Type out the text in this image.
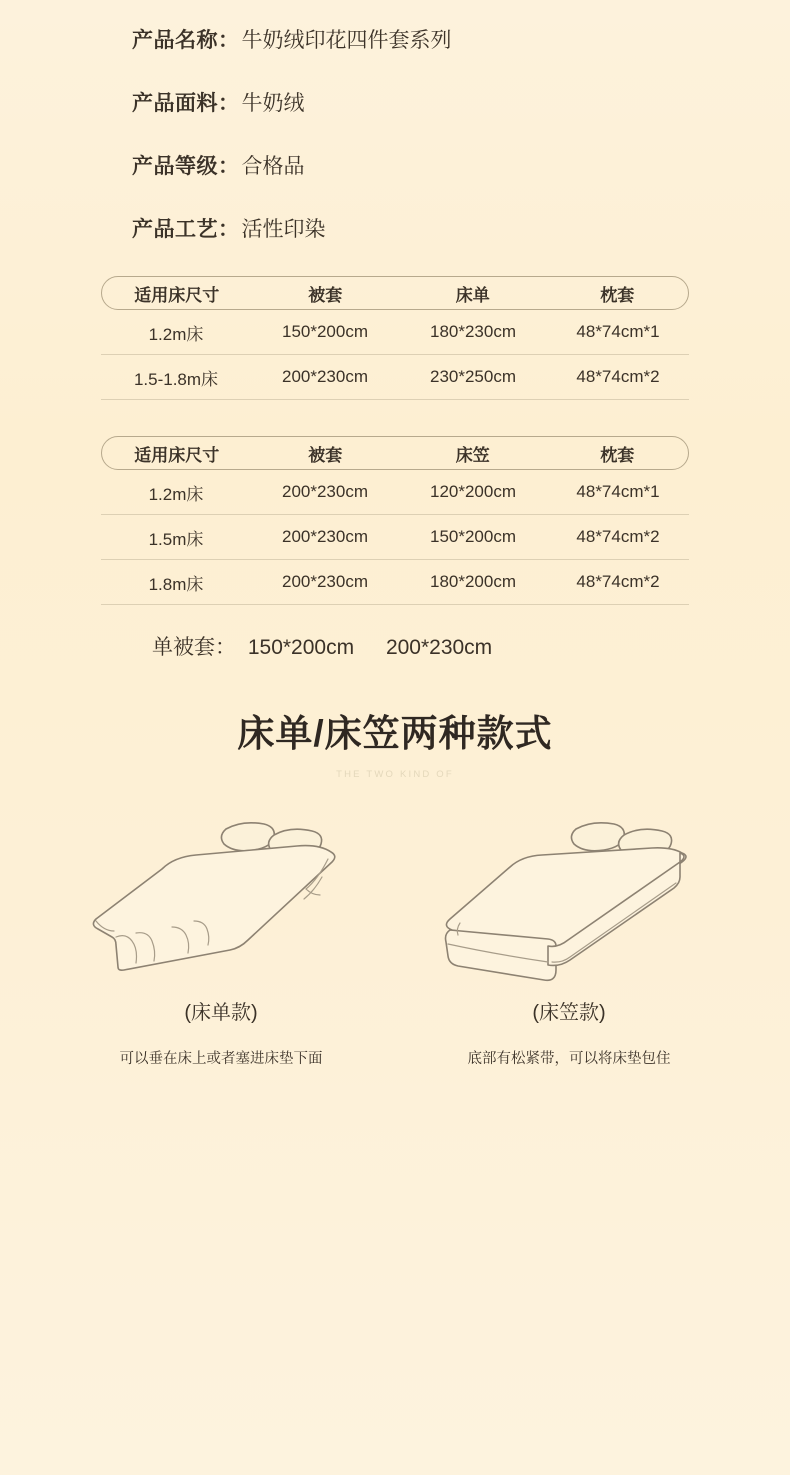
产品名称： 牛奶绒印花四件套系列
产品面料： 牛奶绒
产品等级： 合格品
产品工艺： 活性印染
适用床尺寸	被套	床单	枕套
1.2m床	150*200cm	180*230cm	48*74cm*1
1.5-1.8m床	200*230cm	230*250cm	48*74cm*2
适用床尺寸	被套	床笠	枕套
1.2m床	200*230cm	120*200cm	48*74cm*1
1.5m床	200*230cm	150*200cm	48*74cm*2
1.8m床	200*230cm	180*200cm	48*74cm*2
单被套： 150*200cm 200*230cm
床单/床笠两种款式
THE TWO KIND OF
(床单款)
可以垂在床上或者塞进床垫下面
(床笠款)
底部有松紧带，可以将床垫包住
